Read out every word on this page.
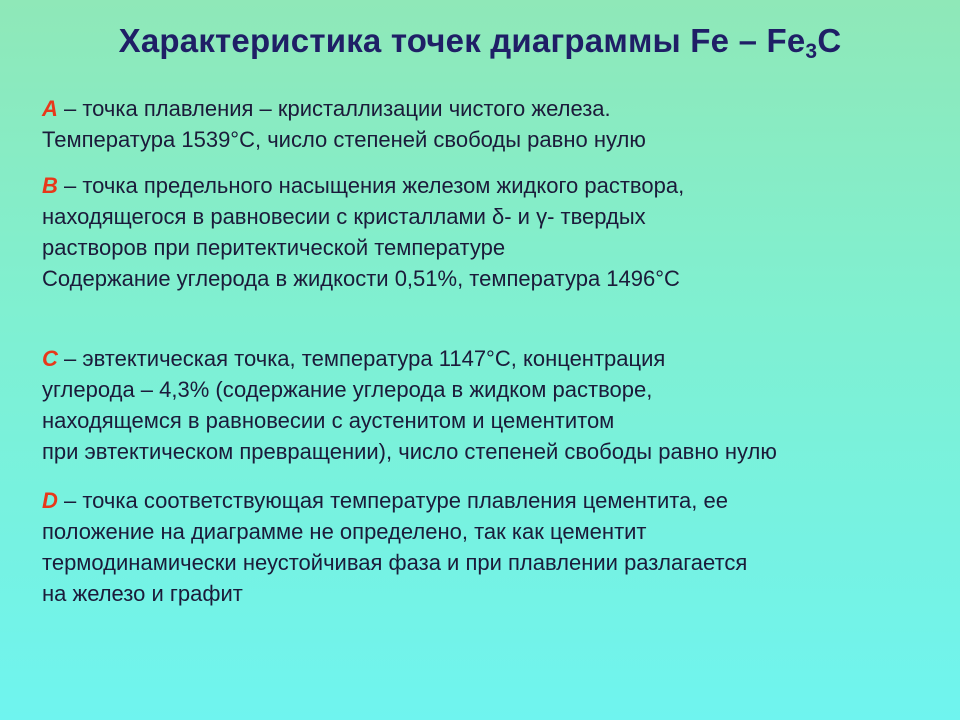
Характеристика точек диаграммы Fe – $Fe_3C$
A – точка плавления – кристаллизации чистого железа.
Температура 1539°С, число степеней свободы равно нулю
B – точка предельного насыщения железом жидкого раствора,
находящегося в равновесии с кристаллами δ- и γ- твердых
растворов при перитектической температуре
Содержание углерода в жидкости 0,51%, температура 1496°С
C – эвтектическая точка, температура 1147°С, концентрация
углерода – 4,3% (содержание углерода в жидком растворе,
находящемся в равновесии с аустенитом и цементитом
при эвтектическом превращении), число степеней свободы равно нулю
D – точка соответствующая температуре плавления цементита, ее
положение на диаграмме не определено, так как цементит
термодинамически неустойчивая фаза и при плавлении разлагается
на железо и графит
